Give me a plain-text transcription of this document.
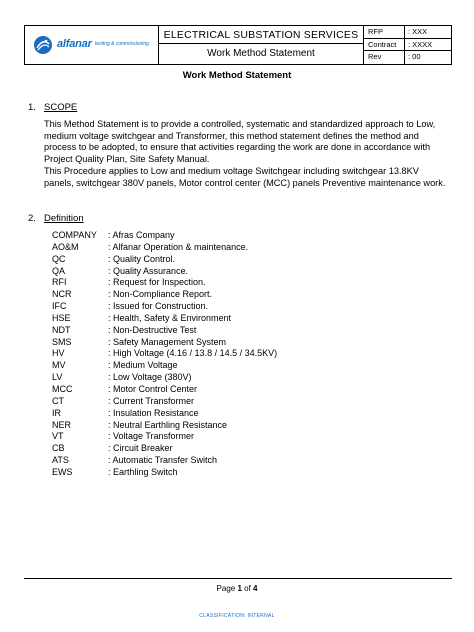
alfanar testing & commissioning
ELECTRICAL SUBSTATION SERVICES
Work Method Statement
RFP	: XXX
Contract : XXXX
Rev	: 00
Work Method Statement
1. SCOPE
This Method Statement is to provide a controlled, systematic and standardized approach to Low, medium voltage switchgear and Transformer, this method statement defines the method and process to be adopted, to ensure that activities regarding the work are done in accordance with Project Quality Plan, Site Safety Manual.
This Procedure applies to Low and medium voltage Switchgear including switchgear 13.8KV panels, switchgear 380V panels, Motor control center (MCC) panels Preventive maintenance work.
2. Definition
COMPANY : Afras Company
AO&M	: Alfanar Operation & maintenance.
QC	: Quality Control.
QA	: Quality Assurance.
RFI	: Request for Inspection.
NCR	: Non-Compliance Report.
IFC	: Issued for Construction.
HSE	: Health, Safety & Environment
NDT	: Non-Destructive Test
SMS	: Safety Management System
HV	: High Voltage (4.16 / 13.8 / 14.5 / 34.5KV)
MV	: Medium Voltage
LV	: Low Voltage (380V)
MCC	: Motor Control Center
CT	: Current Transformer
IR	: Insulation Resistance
NER	: Neutral Earthling Resistance
VT	: Voltage Transformer
CB	: Circuit Breaker
ATS	: Automatic Transfer Switch
EWS	: Earthling Switch
Page 1 of 4
CLASSIFICATION: INTERNAL
